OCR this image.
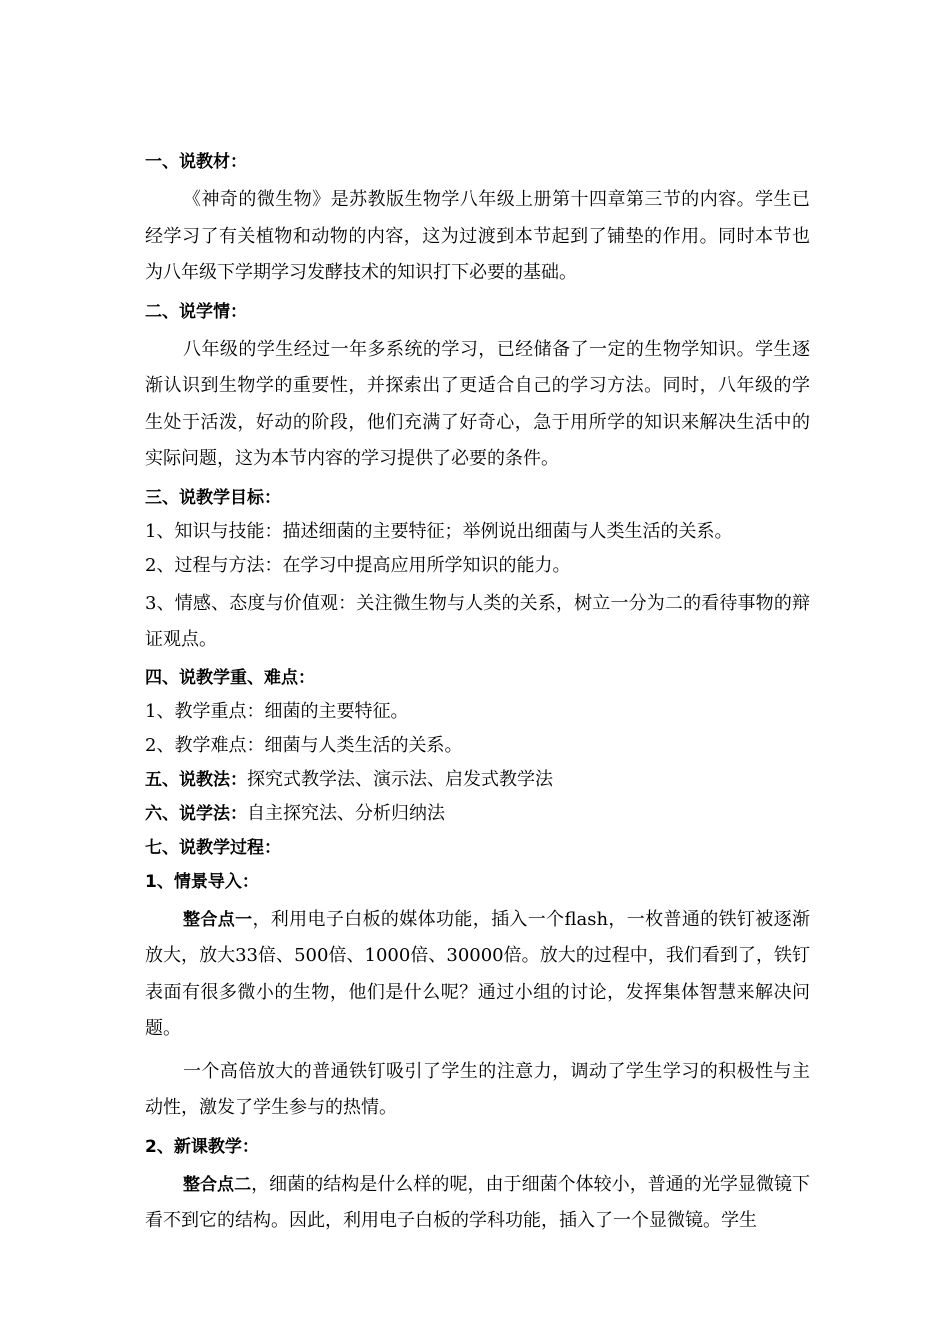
一、说教材：
《神奇的微生物》是苏教版生物学八年级上册第十四章第三节的内容。学生已经学习了有关植物和动物的内容，这为过渡到本节起到了铺垫的作用。同时本节也为八年级下学期学习发酵技术的知识打下必要的基础。
二、说学情：
八年级的学生经过一年多系统的学习，已经储备了一定的生物学知识。学生逐渐认识到生物学的重要性，并探索出了更适合自己的学习方法。同时，八年级的学生处于活泼，好动的阶段，他们充满了好奇心，急于用所学的知识来解决生活中的实际问题，这为本节内容的学习提供了必要的条件。
三、说教学目标：
1、知识与技能：描述细菌的主要特征；举例说出细菌与人类生活的关系。
2、过程与方法：在学习中提高应用所学知识的能力。
3、情感、态度与价值观：关注微生物与人类的关系，树立一分为二的看待事物的辩证观点。
四、说教学重、难点：
1、教学重点：细菌的主要特征。
2、教学难点：细菌与人类生活的关系。
五、说教法：探究式教学法、演示法、启发式教学法
六、说学法：自主探究法、分析归纳法
七、说教学过程：
1、情景导入：
整合点一，利用电子白板的媒体功能，插入一个flash，一枚普通的铁钉被逐渐放大，放大33倍、500倍、1000倍、30000倍。放大的过程中，我们看到了，铁钉表面有很多微小的生物，他们是什么呢？通过小组的讨论，发挥集体智慧来解决问题。
一个高倍放大的普通铁钉吸引了学生的注意力，调动了学生学习的积极性与主动性，激发了学生参与的热情。
2、新课教学：
整合点二，细菌的结构是什么样的呢，由于细菌个体较小，普通的光学显微镜下看不到它的结构。因此，利用电子白板的学科功能，插入了一个显微镜。学生
